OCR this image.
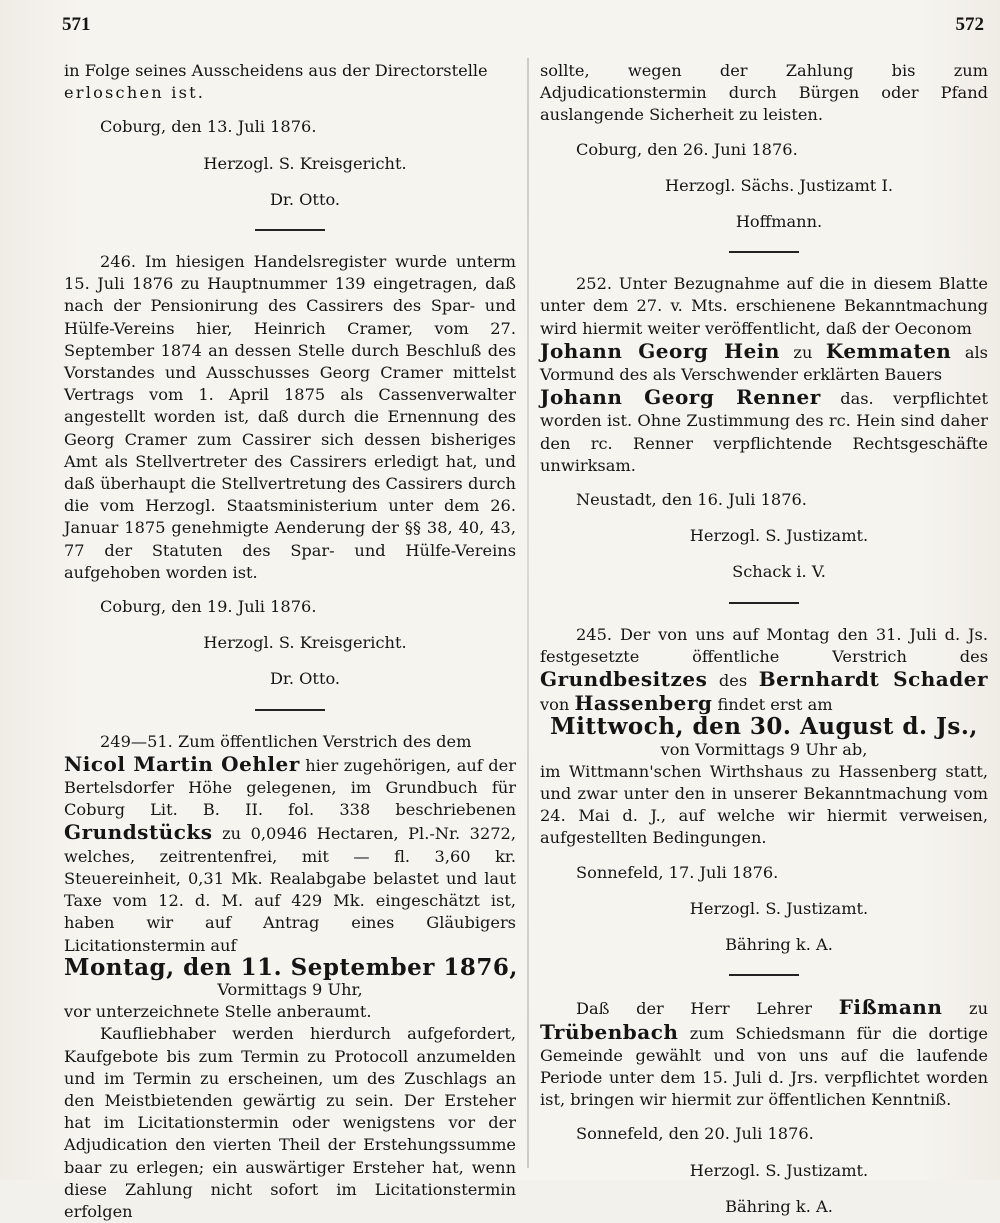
571	572

in Folge seines Ausscheidens aus der Directorstelle

erloschen ist.

Coburg, den 13. Juli 1876.

Herzogl. S. Kreisgericht.

Dr. Otto.

246. Im hiesigen Handelsregister wurde unterm 15. Juli 1876 zu Hauptnummer 139 eingetragen, daß nach der Pensionirung des Cassirers des Spar- und Hülfe-Vereins hier, Heinrich Cramer, vom 27. September 1874 an dessen Stelle durch Beschluß des Vorstandes und Ausschusses Georg Cramer mittelst Vertrags vom 1. April 1875 als Cassenverwalter angestellt worden ist, daß durch die Ernennung des Georg Cramer zum Cassirer sich dessen bisheriges Amt als Stellvertreter des Cassirers erledigt hat, und daß überhaupt die Stellvertretung des Cassirers durch die vom Herzogl. Staatsministerium unter dem 26. Januar 1875 genehmigte Aenderung der §§ 38, 40, 43, 77 der Statuten des Spar- und Hülfe-Vereins aufgehoben worden ist.

Coburg, den 19. Juli 1876.

Herzogl. S. Kreisgericht.

Dr. Otto.

249—51. Zum öffentlichen Verstrich des dem
Nicol Martin Oehler hier zugehörigen, auf der Bertelsdorfer Höhe gelegenen, im Grundbuch für Coburg Lit. B. II. fol. 338 beschriebenen Grundstücks zu 0,0946 Hectaren, Pl.-Nr. 3272, welches, zeitrentenfrei, mit — fl. 3,60 kr. Steuereinheit, 0,31 Mk. Realabgabe belastet und laut Taxe vom 12. d. M. auf 429 Mk. eingeschätzt ist, haben wir auf Antrag eines Gläubigers Licitationstermin auf

Montag, den 11. September 1876,

Vormittags 9 Uhr,

vor unterzeichnete Stelle anberaumt.

Kaufliebhaber werden hierdurch aufgefordert, Kaufgebote bis zum Termin zu Protocoll anzumelden und im Termin zu erscheinen, um des Zuschlags an den Meistbietenden gewärtig zu sein. Der Ersteher hat im Licitationstermin oder wenigstens vor der Adjudication den vierten Theil der Erstehungssumme baar zu erlegen; ein auswärtiger Ersteher hat, wenn diese Zahlung nicht sofort im Licitationstermin erfolgen

sollte, wegen der Zahlung bis zum Adjudicationstermin durch Bürgen oder Pfand auslangende Sicherheit zu leisten.

Coburg, den 26. Juni 1876.

Herzogl. Sächs. Justizamt I.

Hoffmann.

252. Unter Bezugnahme auf die in diesem Blatte unter dem 27. v. Mts. erschienene Bekanntmachung wird hiermit weiter veröffentlicht, daß der Oeconom
Johann Georg Hein zu Kemmaten als Vormund des als Verschwender erklärten Bauers
Johann Georg Renner das. verpflichtet worden ist. Ohne Zustimmung des rc. Hein sind daher den rc. Renner verpflichtende Rechtsgeschäfte unwirksam.

Neustadt, den 16. Juli 1876.

Herzogl. S. Justizamt.

Schack i. V.

245. Der von uns auf Montag den 31. Juli d. Js. festgesetzte öffentliche Verstrich des Grundbesitzes des Bernhardt Schader von Hassenberg findet erst am

Mittwoch, den 30. August d. Js.,

von Vormittags 9 Uhr ab,

im Wittmann'schen Wirthshaus zu Hassenberg statt, und zwar unter den in unserer Bekanntmachung vom 24. Mai d. J., auf welche wir hiermit verweisen, aufgestellten Bedingungen.

Sonnefeld, 17. Juli 1876.

Herzogl. S. Justizamt.

Bähring k. A.

Daß der Herr Lehrer Fißmann zu Trübenbach zum Schiedsmann für die dortige Gemeinde gewählt und von uns auf die laufende Periode unter dem 15. Juli d. Jrs. verpflichtet worden ist, bringen wir hiermit zur öffentlichen Kenntniß.

Sonnefeld, den 20. Juli 1876.

Herzogl. S. Justizamt.

Bähring k. A.
